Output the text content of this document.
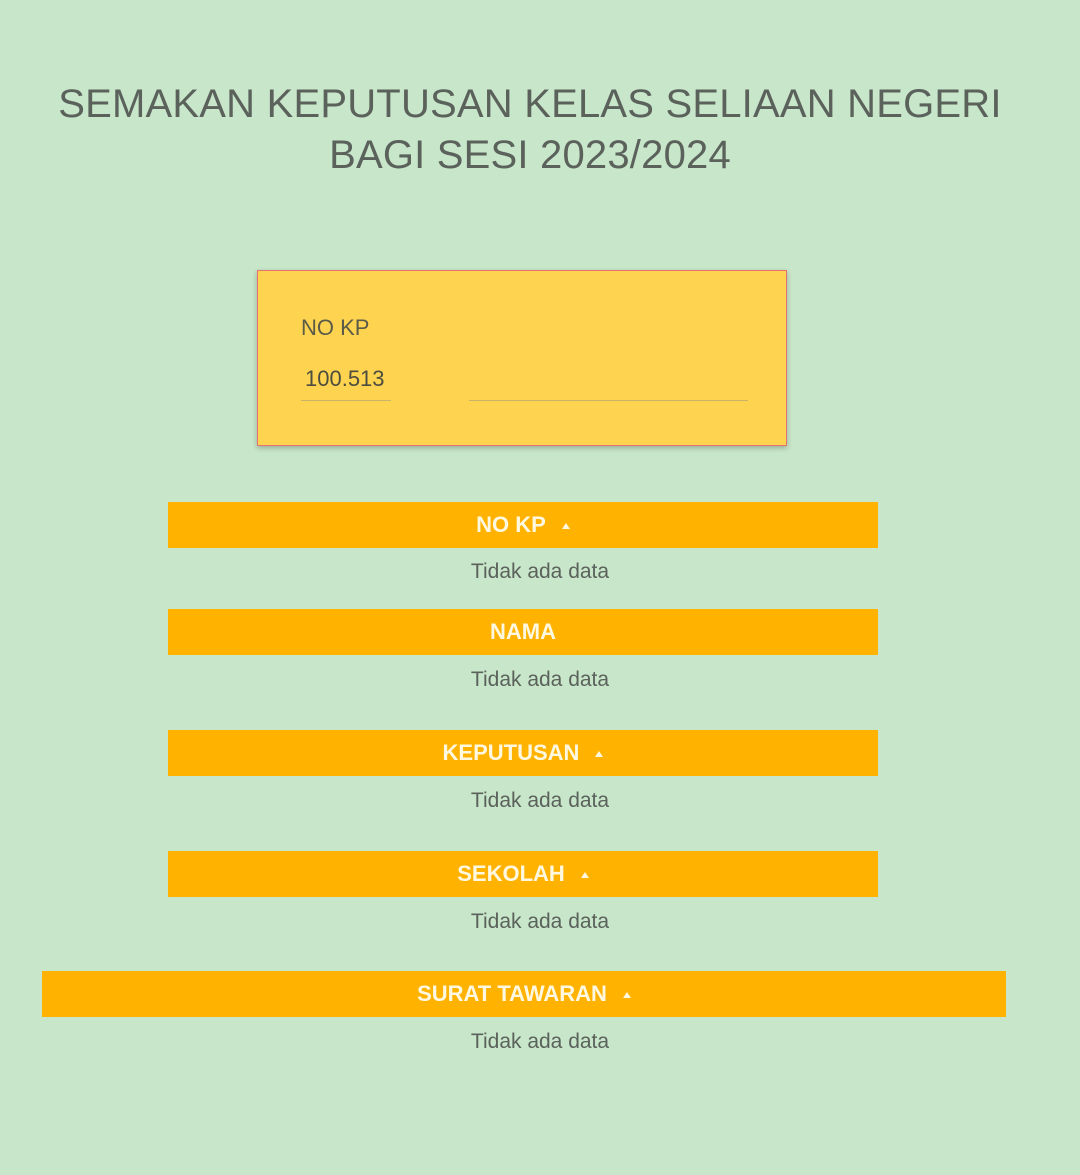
SEMAKAN KEPUTUSAN KELAS SELIAAN NEGERI
BAGI SESI 2023/2024
NO KP
100.513
NO KP
Tidak ada data
NAMA
Tidak ada data
KEPUTUSAN
Tidak ada data
SEKOLAH
Tidak ada data
SURAT TAWARAN
Tidak ada data
